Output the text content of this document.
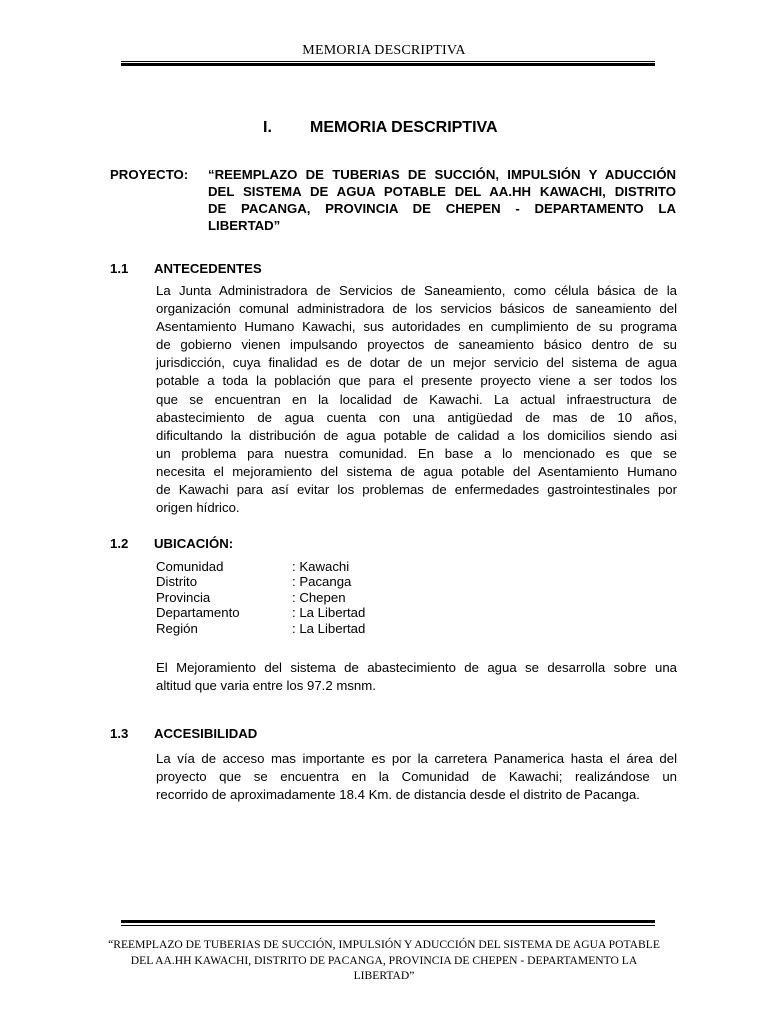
MEMORIA DESCRIPTIVA
I. MEMORIA DESCRIPTIVA
PROYECTO: “REEMPLAZO DE TUBERIAS DE SUCCIÓN, IMPULSIÓN Y ADUCCIÓN
DEL SISTEMA DE AGUA POTABLE DEL AA.HH KAWACHI, DISTRITO
DE PACANGA, PROVINCIA DE CHEPEN - DEPARTAMENTO LA
LIBERTAD”
1.1 ANTECEDENTES
La Junta Administradora de Servicios de Saneamiento, como célula básica de la
organización comunal administradora de los servicios básicos de saneamiento del
Asentamiento Humano Kawachi, sus autoridades en cumplimiento de su programa
de gobierno vienen impulsando proyectos de saneamiento básico dentro de su
jurisdicción, cuya finalidad es de dotar de un mejor servicio del sistema de agua
potable a toda la población que para el presente proyecto viene a ser todos los
que se encuentran en la localidad de Kawachi. La actual infraestructura de
abastecimiento de agua cuenta con una antigüedad de mas de 10 años,
dificultando la distribución de agua potable de calidad a los domicilios siendo asi
un problema para nuestra comunidad. En base a lo mencionado es que se
necesita el mejoramiento del sistema de agua potable del Asentamiento Humano
de Kawachi para así evitar los problemas de enfermedades gastrointestinales por
origen hídrico.
1.2 UBICACIÓN:
Comunidad	: Kawachi
Distrito	: Pacanga
Provincia	: Chepen
Departamento	: La Libertad
Región	: La Libertad
El Mejoramiento del sistema de abastecimiento de agua se desarrolla sobre una
altitud que varia entre los 97.2 msnm.
1.3 ACCESIBILIDAD
La vía de acceso mas importante es por la carretera Panamerica hasta el área del
proyecto que se encuentra en la Comunidad de Kawachi; realizándose un
recorrido de aproximadamente 18.4 Km. de distancia desde el distrito de Pacanga.
“REEMPLAZO DE TUBERIAS DE SUCCIÓN, IMPULSIÓN Y ADUCCIÓN DEL SISTEMA DE AGUA POTABLE
DEL AA.HH KAWACHI, DISTRITO DE PACANGA, PROVINCIA DE CHEPEN - DEPARTAMENTO LA
LIBERTAD”
